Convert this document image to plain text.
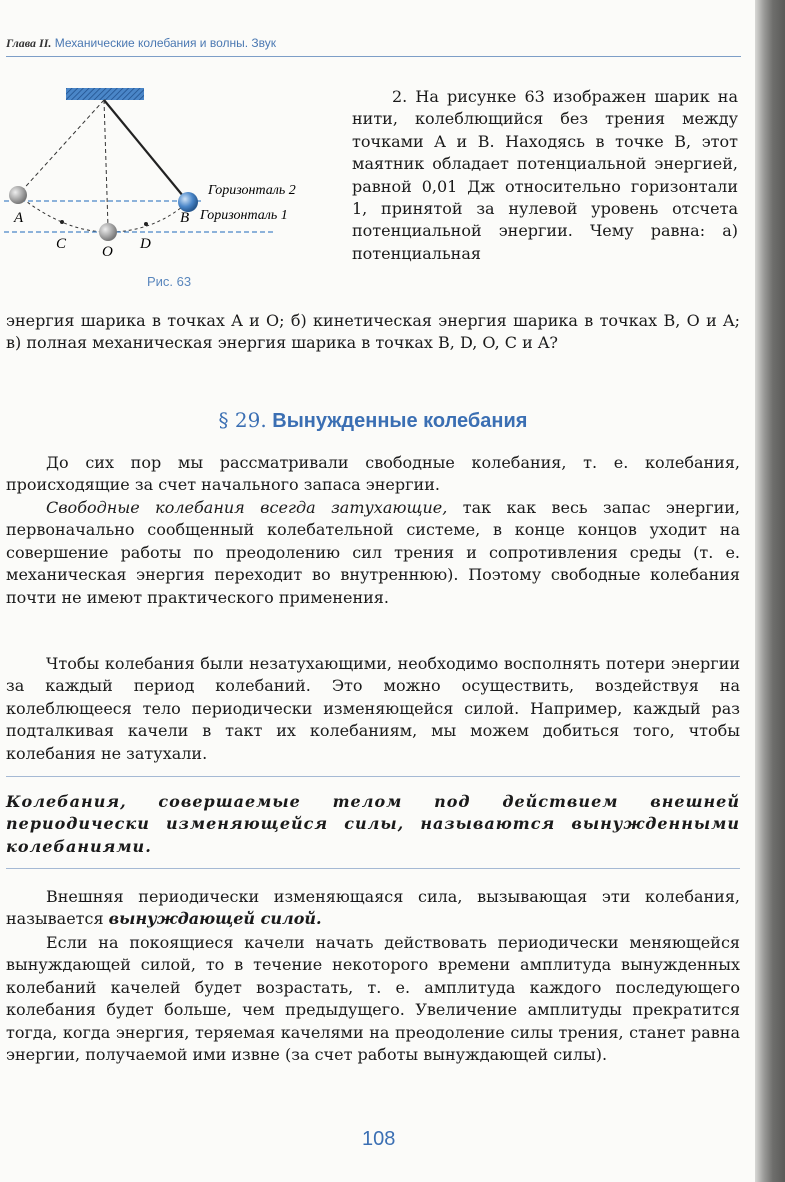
Глава II. Механические колебания и волны. Звук
Горизонталь 2
Горизонталь 1
A	B
C O D
Рис. 63
2. На рисунке 63 изображен шарик на нити, колеблющийся без трения между точками A и B. Находясь в точке B, этот маятник обладает потенциальной энергией, равной 0,01 Дж относительно горизонтали 1, принятой за нулевой уровень отсчета потенциальной энергии. Чему равна: а) потенциальная
энергия шарика в точках A и O; б) кинетическая энергия шарика в точках B, O и A; в) полная механическая энергия шарика в точках B, D, O, C и A?
§ 29. Вынужденные колебания
До сих пор мы рассматривали свободные колебания, т. е. колебания, происходящие за счет начального запаса энергии.
Свободные колебания всегда затухающие, так как весь запас энергии, первоначально сообщенный колебательной системе, в конце концов уходит на совершение работы по преодолению сил трения и сопротивления среды (т. е. механическая энергия переходит во внутреннюю). Поэтому свободные колебания почти не имеют практического применения.
Чтобы колебания были незатухающими, необходимо восполнять потери энергии за каждый период колебаний. Это можно осуществить, воздействуя на колеблющееся тело периодически изменяющейся силой. Например, каждый раз подталкивая качели в такт их колебаниям, мы можем добиться того, чтобы колебания не затухали.
Колебания, совершаемые телом под действием внешней периодически изменяющейся силы, называются вынужденными колебаниями.
Внешняя периодически изменяющаяся сила, вызывающая эти колебания, называется вынуждающей силой.
Если на покоящиеся качели начать действовать периодически меняющейся вынуждающей силой, то в течение некоторого времени амплитуда вынужденных колебаний качелей будет возрастать, т. е. амплитуда каждого последующего колебания будет больше, чем предыдущего. Увеличение амплитуды прекратится тогда, когда энергия, теряемая качелями на преодоление силы трения, станет равна энергии, получаемой ими извне (за счет работы вынуждающей силы).
108
